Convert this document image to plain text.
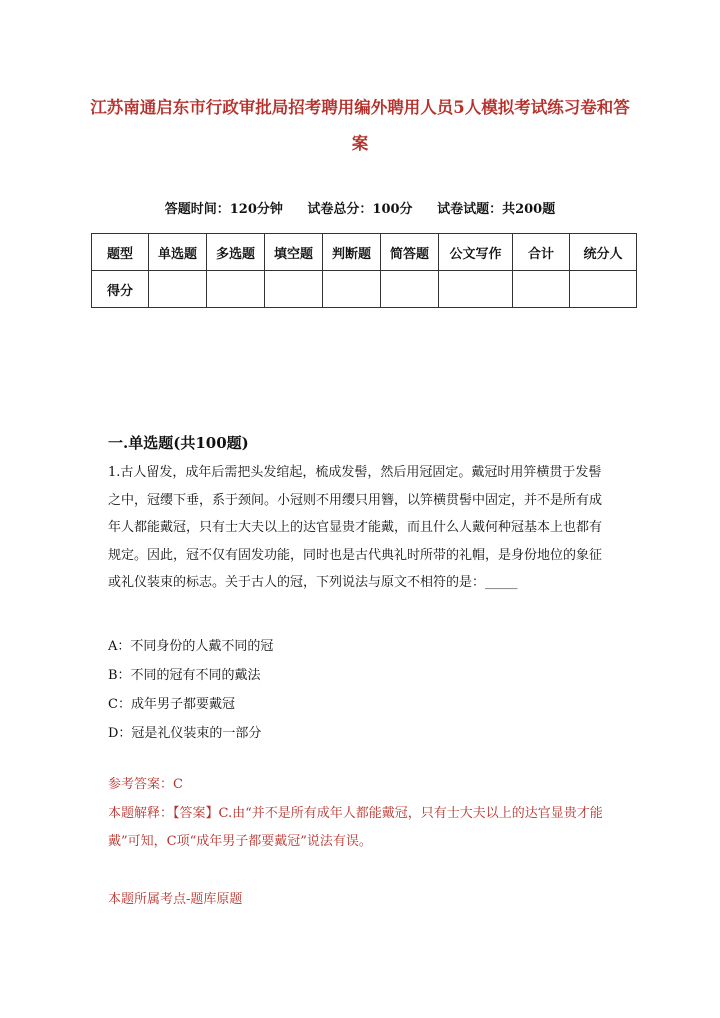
江苏南通启东市行政审批局招考聘用编外聘用人员5人模拟考试练习卷和答案
答题时间：120分钟 试卷总分：100分 试卷试题：共200题
题型	单选题	多选题	填空题	判断题	简答题	公文写作	合计	统分人
得分								
一.单选题(共100题)
1.古人留发，成年后需把头发绾起，梳成发髻，然后用冠固定。戴冠时用笄横贯于发髻之中，冠缨下垂，系于颈间。小冠则不用缨只用簪，以笄横贯髻中固定，并不是所有成年人都能戴冠，只有士大夫以上的达官显贵才能戴，而且什么人戴何种冠基本上也都有规定。因此，冠不仅有固发功能，同时也是古代典礼时所带的礼帽，是身份地位的象征或礼仪装束的标志。关于古人的冠，下列说法与原文不相符的是：_____
A：不同身份的人戴不同的冠
B：不同的冠有不同的戴法
C：成年男子都要戴冠
D：冠是礼仪装束的一部分
参考答案：C
本题解释：【答案】C.由“并不是所有成年人都能戴冠，只有士大夫以上的达官显贵才能戴”可知，C项“成年男子都要戴冠”说法有误。
本题所属考点-题库原题
